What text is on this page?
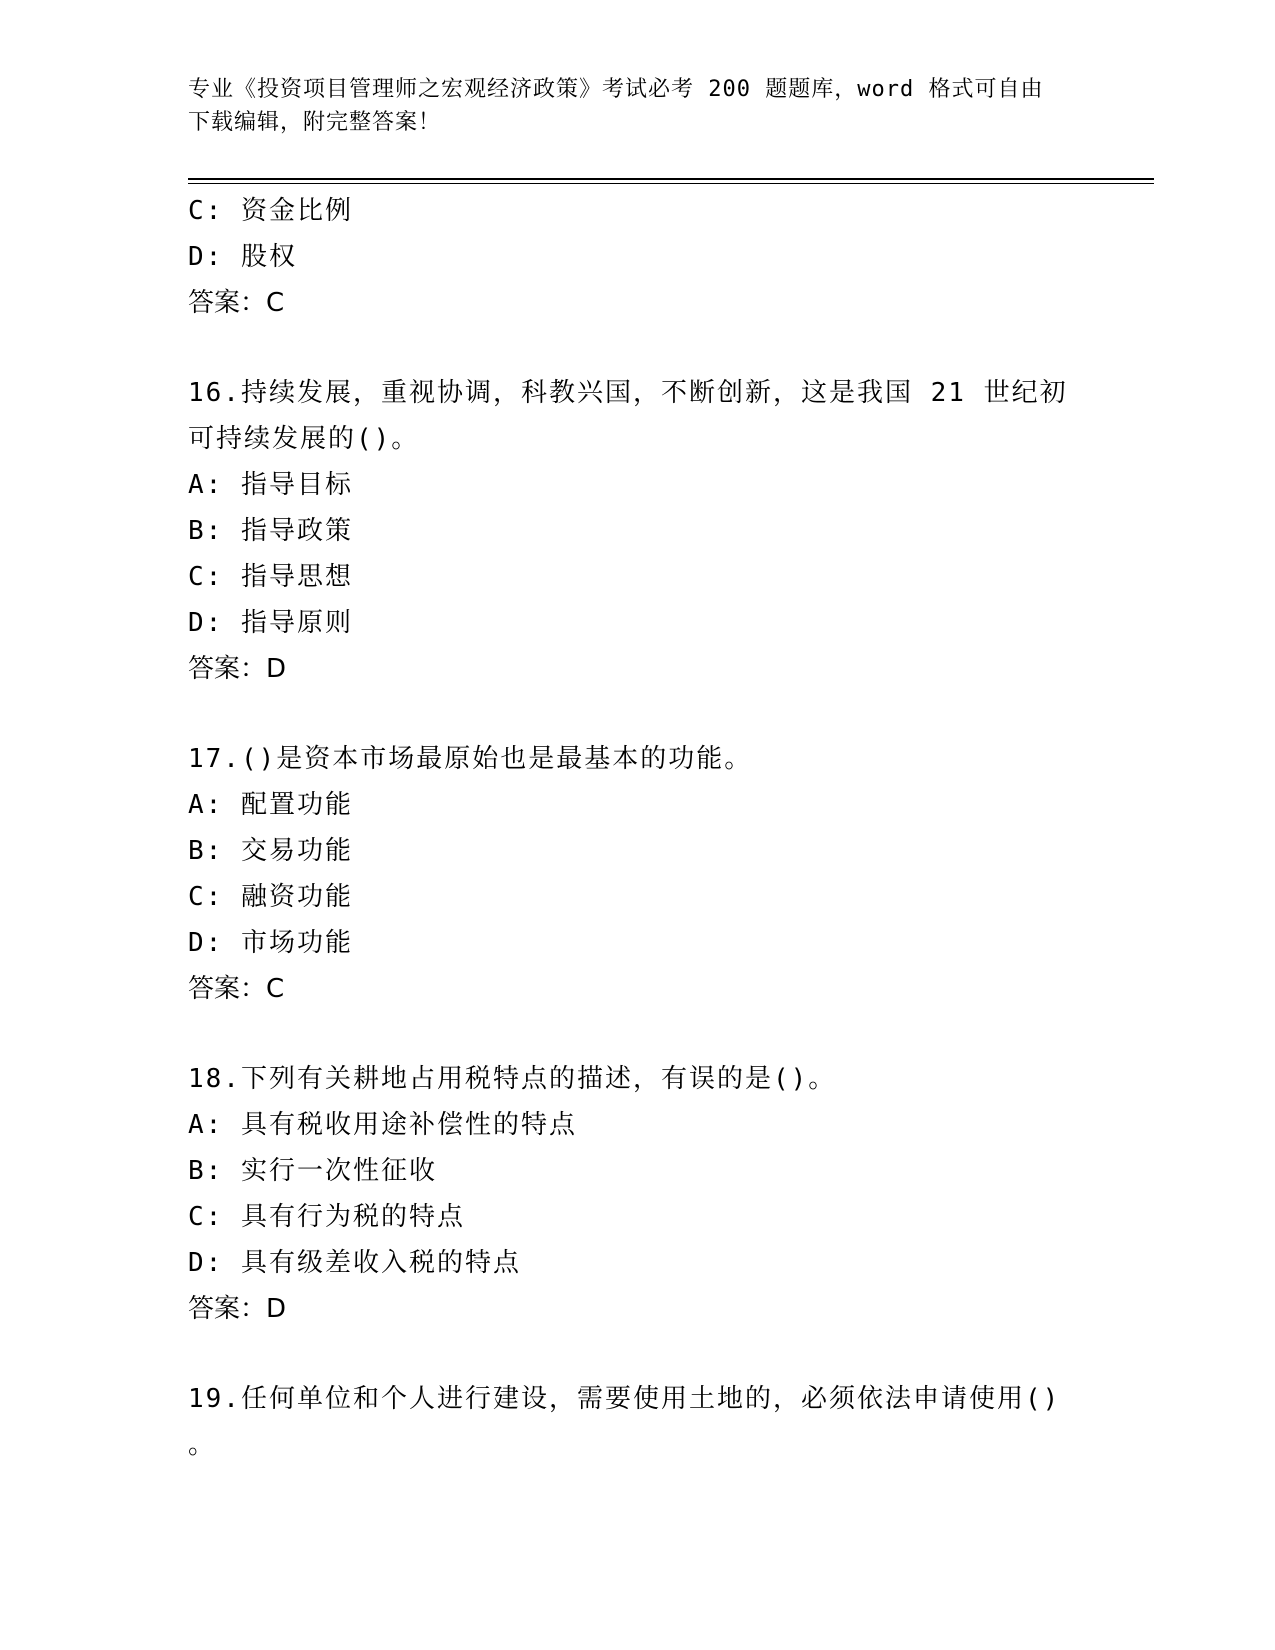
专业《投资项目管理师之宏观经济政策》考试必考 200 题题库，word 格式可自由
下载编辑，附完整答案！
C: 资金比例
D: 股权
答案：C
16.持续发展，重视协调，科教兴国，不断创新，这是我国 21 世纪初
可持续发展的()。
A: 指导目标
B: 指导政策
C: 指导思想
D: 指导原则
答案：D
17.()是资本市场最原始也是最基本的功能。
A: 配置功能
B: 交易功能
C: 融资功能
D: 市场功能
答案：C
18.下列有关耕地占用税特点的描述，有误的是()。
A: 具有税收用途补偿性的特点
B: 实行一次性征收
C: 具有行为税的特点
D: 具有级差收入税的特点
答案：D
19.任何单位和个人进行建设，需要使用土地的，必须依法申请使用()
。
